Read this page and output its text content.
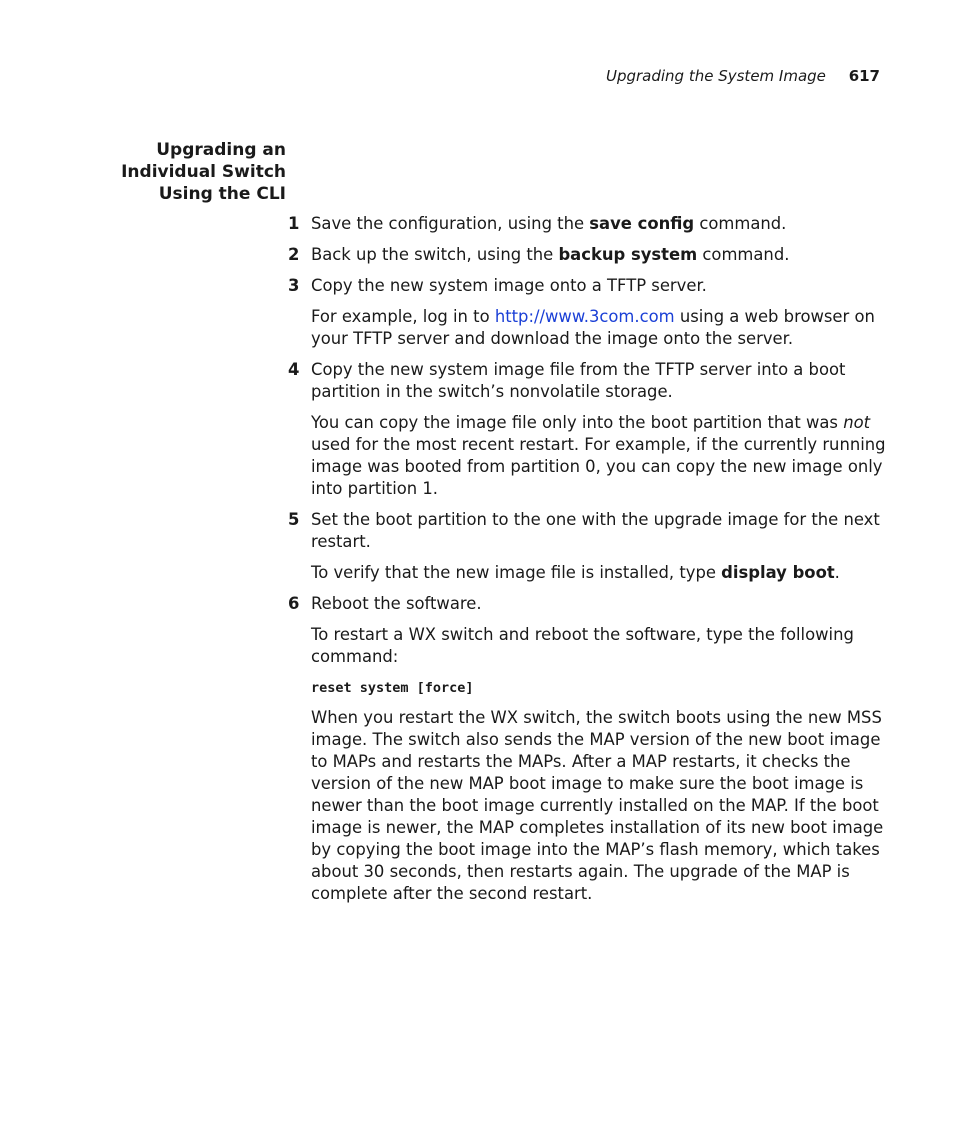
Upgrading the System Image 617
Upgrading an
Individual Switch
Using the CLI
1 Save the configuration, using the save config command.
2 Back up the switch, using the backup system command.
3 Copy the new system image onto a TFTP server.
For example, log in to http://www.3com.com using a web browser on your TFTP server and download the image onto the server.
4 Copy the new system image file from the TFTP server into a boot partition in the switch’s nonvolatile storage.
You can copy the image file only into the boot partition that was not used for the most recent restart. For example, if the currently running image was booted from partition 0, you can copy the new image only into partition 1.
5 Set the boot partition to the one with the upgrade image for the next restart.
To verify that the new image file is installed, type display boot.
6 Reboot the software.
To restart a WX switch and reboot the software, type the following command:
reset system [force]
When you restart the WX switch, the switch boots using the new MSS image. The switch also sends the MAP version of the new boot image to MAPs and restarts the MAPs. After a MAP restarts, it checks the version of the new MAP boot image to make sure the boot image is newer than the boot image currently installed on the MAP. If the boot image is newer, the MAP completes installation of its new boot image by copying the boot image into the MAP’s flash memory, which takes about 30 seconds, then restarts again. The upgrade of the MAP is complete after the second restart.
